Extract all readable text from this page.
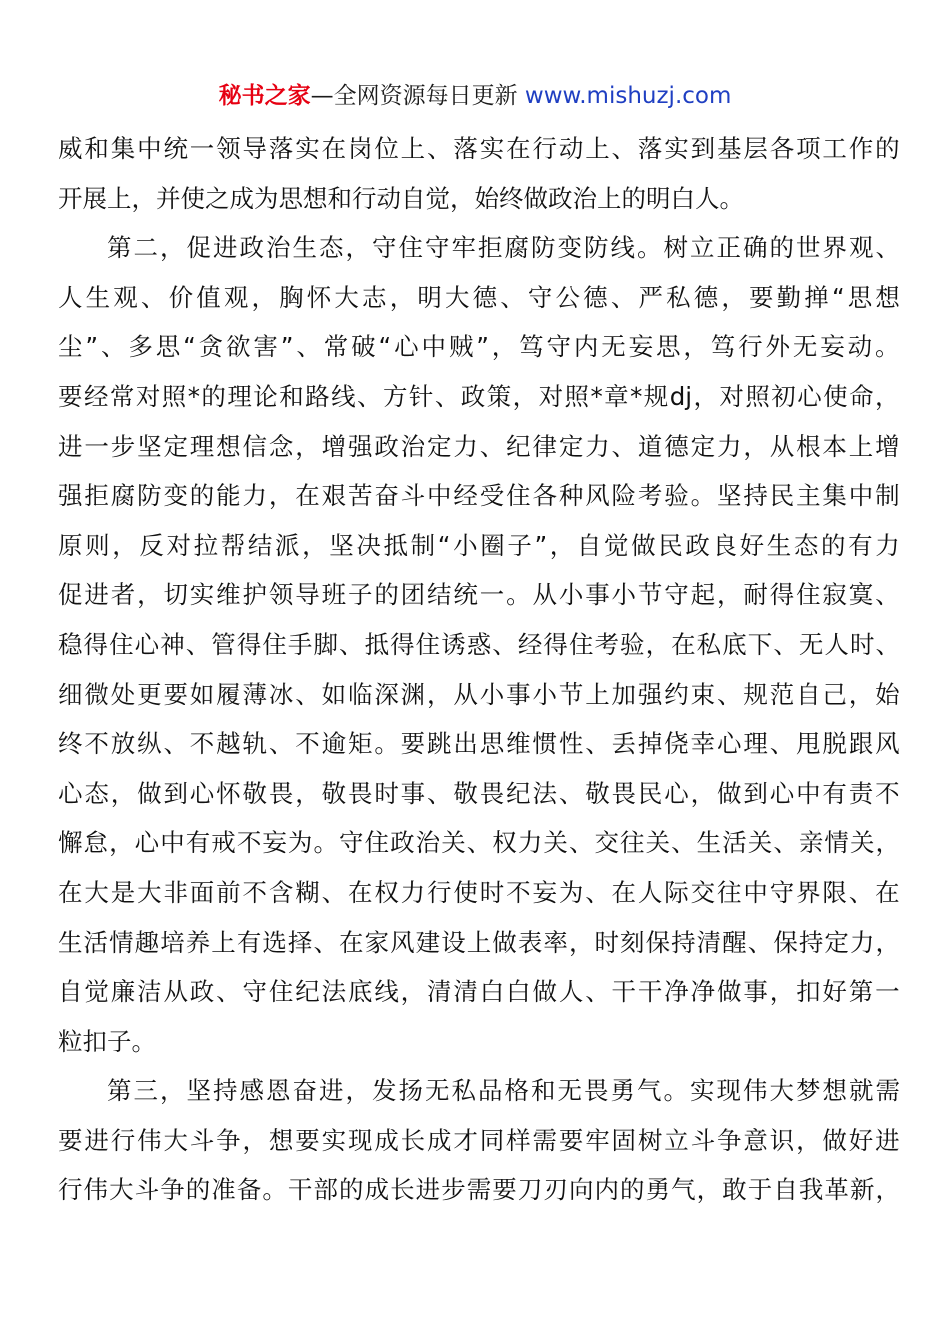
秘书之家—全网资源每日更新 www.mishuzj.com
威 和 集 中 统 一 领 导 落 实 在 岗 位 上 、 落 实 在 行 动 上 、 落 实 到 基 层 各 项 工 作 的
开 展 上 ， 并 使 之 成 为 思 想 和 行 动 自 觉 ， 始 终 做 政 治 上 的 明 白 人 。
第 二 ， 促 进 政 治 生 态 ， 守 住 守 牢 拒 腐 防 变 防 线 。 树 立 正 确 的 世 界 观 、
人 生 观 、 价 值 观 ， 胸 怀 大 志 ， 明 大 德 、 守 公 德 、 严 私 德 ， 要 勤 掸 “ 思 想
尘 ” 、 多 思 “ 贪 欲 害 ” 、 常 破 “ 心 中 贼 ” ， 笃 守 内 无 妄 思 ， 笃 行 外 无 妄 动 。
要 经 常 对 照 * 的 理 论 和 路 线 、 方 针 、 政 策 ， 对 照 * 章 * 规 dj ， 对 照 初 心 使 命 ，
进 一 步 坚 定 理 想 信 念 ， 增 强 政 治 定 力 、 纪 律 定 力 、 道 德 定 力 ， 从 根 本 上 增
强 拒 腐 防 变 的 能 力 ， 在 艰 苦 奋 斗 中 经 受 住 各 种 风 险 考 验 。 坚 持 民 主 集 中 制
原 则 ， 反 对 拉 帮 结 派 ， 坚 决 抵 制 “ 小 圈 子 ” ， 自 觉 做 民 政 良 好 生 态 的 有 力
促 进 者 ， 切 实 维 护 领 导 班 子 的 团 结 统 一 。 从 小 事 小 节 守 起 ， 耐 得 住 寂 寞 、
稳 得 住 心 神 、 管 得 住 手 脚 、 抵 得 住 诱 惑 、 经 得 住 考 验 ， 在 私 底 下 、 无 人 时 、
细 微 处 更 要 如 履 薄 冰 、 如 临 深 渊 ， 从 小 事 小 节 上 加 强 约 束 、 规 范 自 己 ， 始
终 不 放 纵 、 不 越 轨 、 不 逾 矩 。 要 跳 出 思 维 惯 性 、 丢 掉 侥 幸 心 理 、 甩 脱 跟 风
心 态 ， 做 到 心 怀 敬 畏 ， 敬 畏 时 事 、 敬 畏 纪 法 、 敬 畏 民 心 ， 做 到 心 中 有 责 不
懈 怠 ， 心 中 有 戒 不 妄 为 。 守 住 政 治 关 、 权 力 关 、 交 往 关 、 生 活 关 、 亲 情 关 ，
在 大 是 大 非 面 前 不 含 糊 、 在 权 力 行 使 时 不 妄 为 、 在 人 际 交 往 中 守 界 限 、 在
生 活 情 趣 培 养 上 有 选 择 、 在 家 风 建 设 上 做 表 率 ， 时 刻 保 持 清 醒 、 保 持 定 力 ，
自 觉 廉 洁 从 政 、 守 住 纪 法 底 线 ， 清 清 白 白 做 人 、 干 干 净 净 做 事 ， 扣 好 第 一
粒 扣 子 。
第 三 ， 坚 持 感 恩 奋 进 ， 发 扬 无 私 品 格 和 无 畏 勇 气 。 实 现 伟 大 梦 想 就 需
要 进 行 伟 大 斗 争 ， 想 要 实 现 成 长 成 才 同 样 需 要 牢 固 树 立 斗 争 意 识 ， 做 好 进
行 伟 大 斗 争 的 准 备 。 干 部 的 成 长 进 步 需 要 刀 刃 向 内 的 勇 气 ， 敢 于 自 我 革 新 ，
